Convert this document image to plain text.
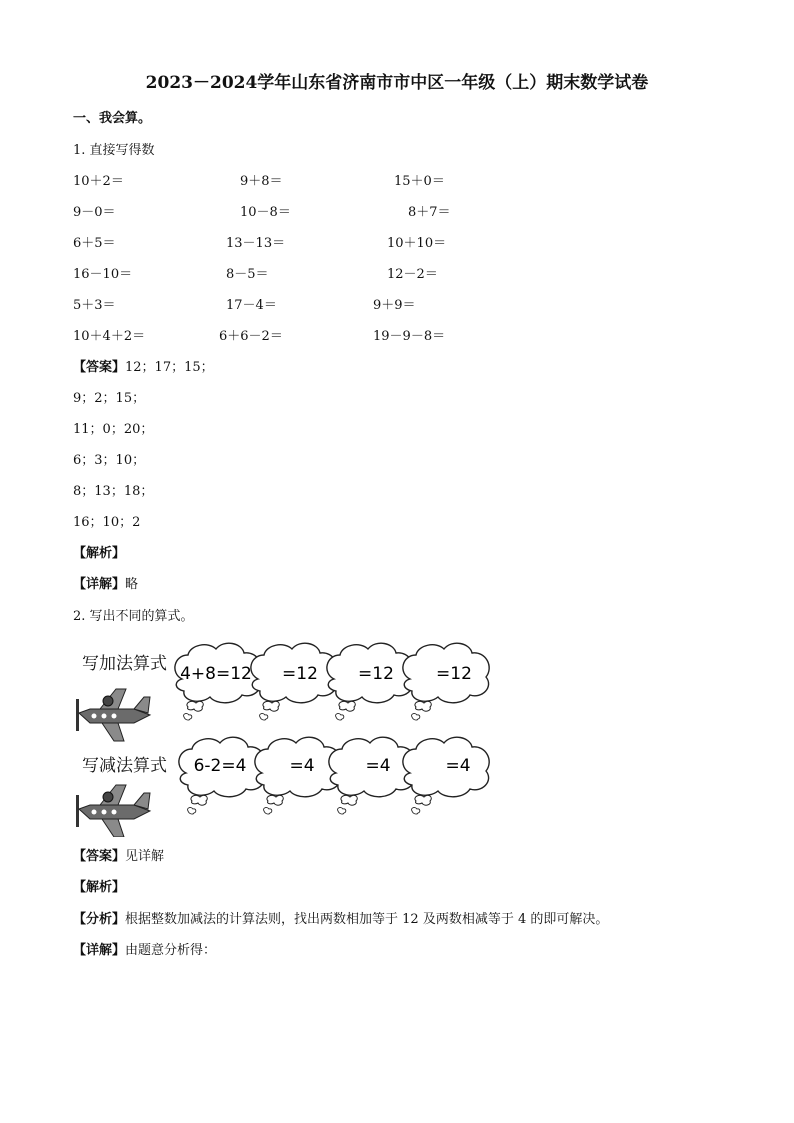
2023－2024学年山东省济南市市中区一年级（上）期末数学试卷
一、我会算。
1. 直接写得数
10＋2＝	9＋8＝	15＋0＝
9－0＝	10－8＝	8＋7＝
6＋5＝	13－13＝	10＋10＝
16－10＝	8－5＝	12－2＝
5＋3＝	17－4＝	9＋9＝
10＋4＋2＝	6＋6－2＝	19－9－8＝
【答案】12；17；15；
9；2；15；
11；0；20；
6；3；10；
8；13；18；
16；10；2
【解析】
【详解】略
2. 写出不同的算式。
写加法算式
写减法算式
4+8=12 =12 =12 =12
6-2=4	=4	=4	=4
【答案】见详解
【解析】
【分析】根据整数加减法的计算法则，找出两数相加等于 12 及两数相减等于 4 的即可解决。
【详解】由题意分析得：
